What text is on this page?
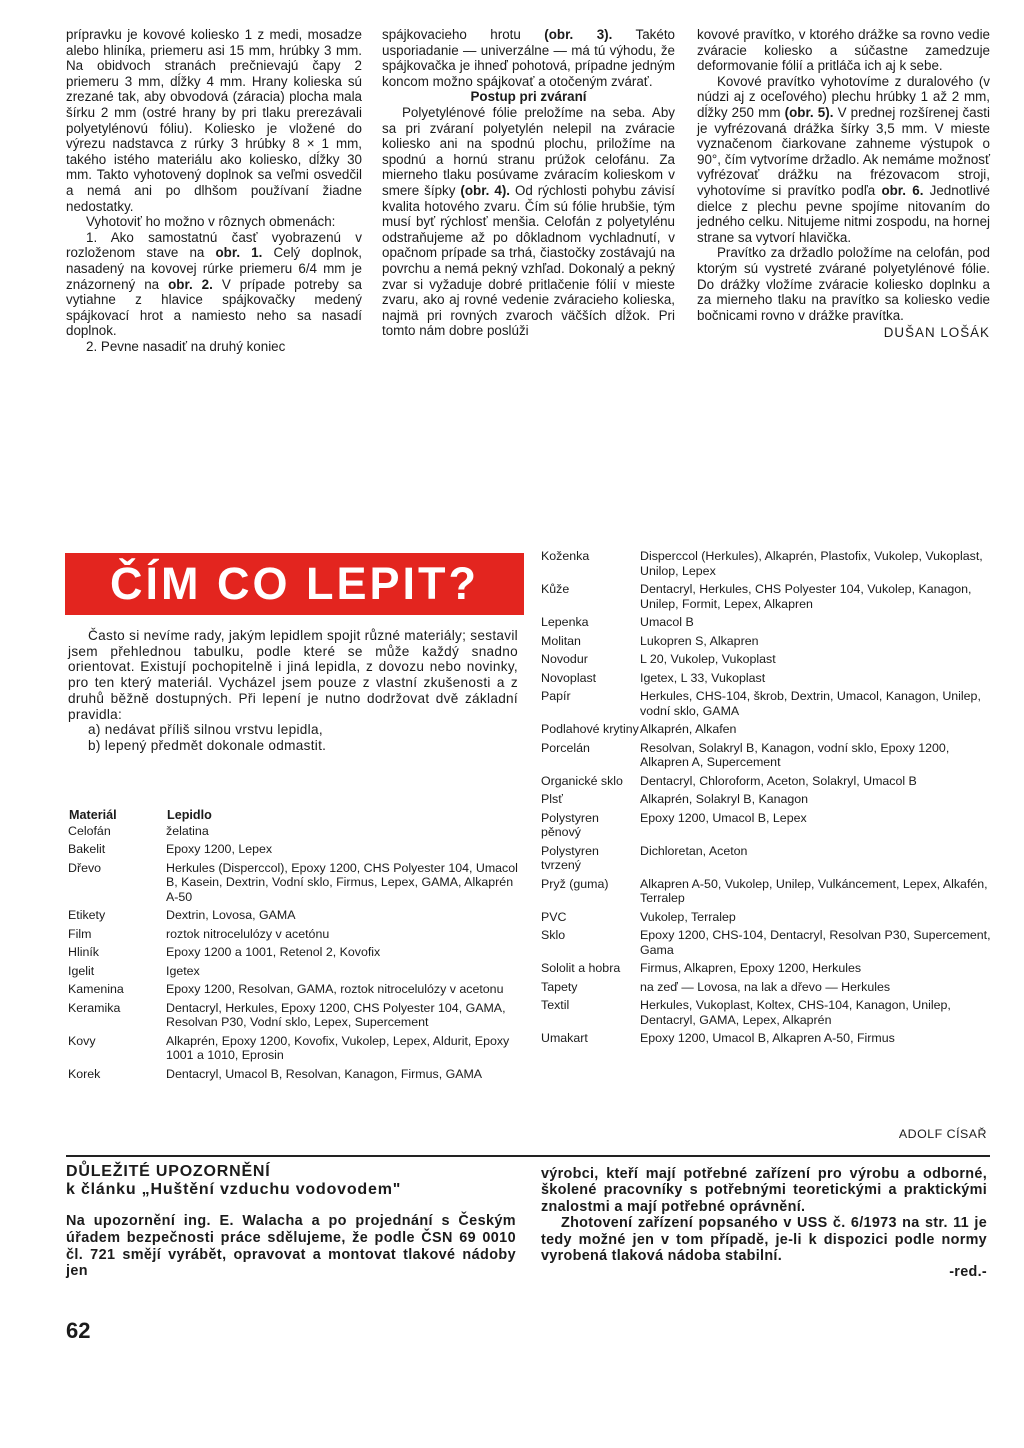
prípravku je kovové koliesko 1 z medi, mosadze alebo hliníka, priemeru asi 15 mm, hrúbky 3 mm. Na obidvoch stranách prečnievajú čapy 2 priemeru 3 mm, dĺžky 4 mm. Hrany kolieska sú zrezané tak, aby obvodová (záracia) plocha mala šírku 2 mm (ostré hrany by pri tlaku prerezávali polyetylénovú fóliu). Koliesko je vložené do výrezu nadstavca z rúrky 3 hrúbky 8 × 1 mm, takého istého materiálu ako koliesko, dĺžky 30 mm. Takto vyhotovený doplnok sa veľmi osvedčil a nemá ani po dlhšom používaní žiadne nedostatky.

Vyhotoviť ho možno v rôznych obmenách:

1. Ako samostatnú časť vyobrazenú v rozloženom stave na obr. 1. Celý doplnok, nasadený na kovovej rúrke priemeru 6/4 mm je znázornený na obr. 2. V prípade potreby sa vytiahne z hlavice spájkovačky medený spájkovací hrot a namiesto neho sa nasadí doplnok.

2. Pevne nasadiť na druhý koniec

spájkovacieho hrotu (obr. 3). Takéto usporiadanie — univerzálne — má tú výhodu, že spájkovačka je ihneď pohotová, prípadne jedným koncom možno spájkovať a otočeným zvárať.

Postup pri zváraní

Polyetylénové fólie preložíme na seba. Aby sa pri zváraní polyetylén nelepil na zváracie koliesko ani na spodnú plochu, priložíme na spodnú a hornú stranu prúžok celofánu. Za mierneho tlaku posúvame zváracím kolieskom v smere šípky (obr. 4). Od rýchlosti pohybu závisí kvalita hotového zvaru. Čím sú fólie hrubšie, tým musí byť rýchlosť menšia. Celofán z polyetylénu odstraňujeme až po dôkladnom vychladnutí, v opačnom prípade sa trhá, čiastočky zostávajú na povrchu a nemá pekný vzhľad. Dokonalý a pekný zvar si vyžaduje dobré pritlačenie fólií v mieste zvaru, ako aj rovné vedenie zváracieho kolieska, najmä pri rovných zvaroch väčších dĺžok. Pri tomto nám dobre poslúži

kovové pravítko, v ktorého drážke sa rovno vedie zváracie koliesko a súčastne zamedzuje deformovanie fólií a pritláča ich aj k sebe.

Kovové pravítko vyhotovíme z duralového (v núdzi aj z oceľového) plechu hrúbky 1 až 2 mm, dĺžky 250 mm (obr. 5). V prednej rozšírenej časti je vyfrézovaná drážka šírky 3,5 mm. V mieste vyznačenom čiarkovane zahneme výstupok o 90°, čím vytvoríme držadlo. Ak nemáme možnosť vyfrézovať drážku na frézovacom stroji, vyhotovíme si pravítko podľa obr. 6. Jednotlivé dielce z plechu pevne spojíme nitovaním do jedného celku. Nitujeme nitmi zospodu, na hornej strane sa vytvorí hlavička.

Pravítko za držadlo položíme na celofán, pod ktorým sú vystreté zvárané polyetylénové fólie. Do drážky vložíme zváracie koliesko doplnku a za mierneho tlaku na pravítko sa koliesko vedie bočnicami rovno v drážke pravítka.

DUŠAN LOŠÁK
ČÍM CO LEPIT?

Často si nevíme rady, jakým lepidlem spojit různé materiály; sestavil jsem přehlednou tabulku, podle které se může každý snadno orientovat. Existují pochopitelně i jiná lepidla, z dovozu nebo novinky, pro ten který materiál. Vycházel jsem pouze z vlastní zkušenosti a z druhů běžně dostupných. Při lepení je nutno dodržovat dvě základní pravidla:

a) nedávat příliš silnou vrstvu lepidla,

b) lepený předmět dokonale odmastit.

Materiál	Lepidlo
Celofán	želatina
Bakelit	Epoxy 1200, Lepex
Dřevo	Herkules (Disperccol), Epoxy 1200, CHS Polyester 104, Umacol B, Kasein, Dextrin, Vodní sklo, Firmus, Lepex, GAMA, Alkaprén A-50
Etikety	Dextrin, Lovosa, GAMA
Film	roztok nitrocelulózy v acetónu
Hliník	Epoxy 1200 a 1001, Retenol 2, Kovofix
Igelit	Igetex
Kamenina	Epoxy 1200, Resolvan, GAMA, roztok nitrocelulózy v acetonu
Keramika	Dentacryl, Herkules, Epoxy 1200, CHS Polyester 104, GAMA, Resolvan P30, Vodní sklo, Lepex, Supercement
Kovy	Alkaprén, Epoxy 1200, Kovofix, Vukolep, Lepex, Aldurit, Epoxy 1001 a 1010, Eprosin
Korek	Dentacryl, Umacol B, Resolvan, Kanagon, Firmus, GAMA
Koženka	Disperccol (Herkules), Alkaprén, Plastofix, Vukolep, Vukoplast, Unilop, Lepex
Kůže	Dentacryl, Herkules, CHS Polyester 104, Vukolep, Kanagon, Unilep, Formit, Lepex, Alkapren
Lepenka	Umacol B
Molitan	Lukopren S, Alkapren
Novodur	L 20, Vukolep, Vukoplast
Novoplast	Igetex, L 33, Vukoplast
Papír	Herkules, CHS-104, škrob, Dextrin, Umacol, Kanagon, Unilep, vodní sklo, GAMA
Podlahové krytiny	Alkaprén, Alkafen
Porcelán	Resolvan, Solakryl B, Kanagon, vodní sklo, Epoxy 1200, Alkapren A, Supercement
Organické sklo	Dentacryl, Chloroform, Aceton, Solakryl, Umacol B
Plsť	Alkaprén, Solakryl B, Kanagon
Polystyren pěnový	Epoxy 1200, Umacol B, Lepex
Polystyren tvrzený	Dichloretan, Aceton
Pryž (guma)	Alkapren A-50, Vukolep, Unilep, Vulkáncement, Lepex, Alkafén, Terralep
PVC	Vukolep, Terralep
Sklo	Epoxy 1200, CHS-104, Dentacryl, Resolvan P30, Supercement, Gama
Sololit a hobra	Firmus, Alkapren, Epoxy 1200, Herkules
Tapety	na zeď — Lovosa, na lak a dřevo — Herkules
Textil	Herkules, Vukoplast, Koltex, CHS-104, Kanagon, Unilep, Dentacryl, GAMA, Lepex, Alkaprén
Umakart	Epoxy 1200, Umacol B, Alkapren A-50, Firmus
ADOLF CÍSAŘ
DŮLEŽITÉ UPOZORNĚNÍ
k článku „Huštění vzduchu vodovodem"
Na upozornění ing. E. Walacha a po projednání s Českým úřadem bezpečnosti práce sdělujeme, že podle ČSN 69 0010 čl. 721 smějí vyrábět, opravovat a montovat tlakové nádoby jen

výrobci, kteří mají potřebné zařízení pro výrobu a odborné, školené pracovníky s potřebnými teoretickými a praktickými znalostmi a mají potřebné oprávnění.

Zhotovení zařízení popsaného v USS č. 6/1973 na str. 11 je tedy možné jen v tom případě, je-li k dispozici podle normy vyrobená tlaková nádoba stabilní.

-red.-

62
